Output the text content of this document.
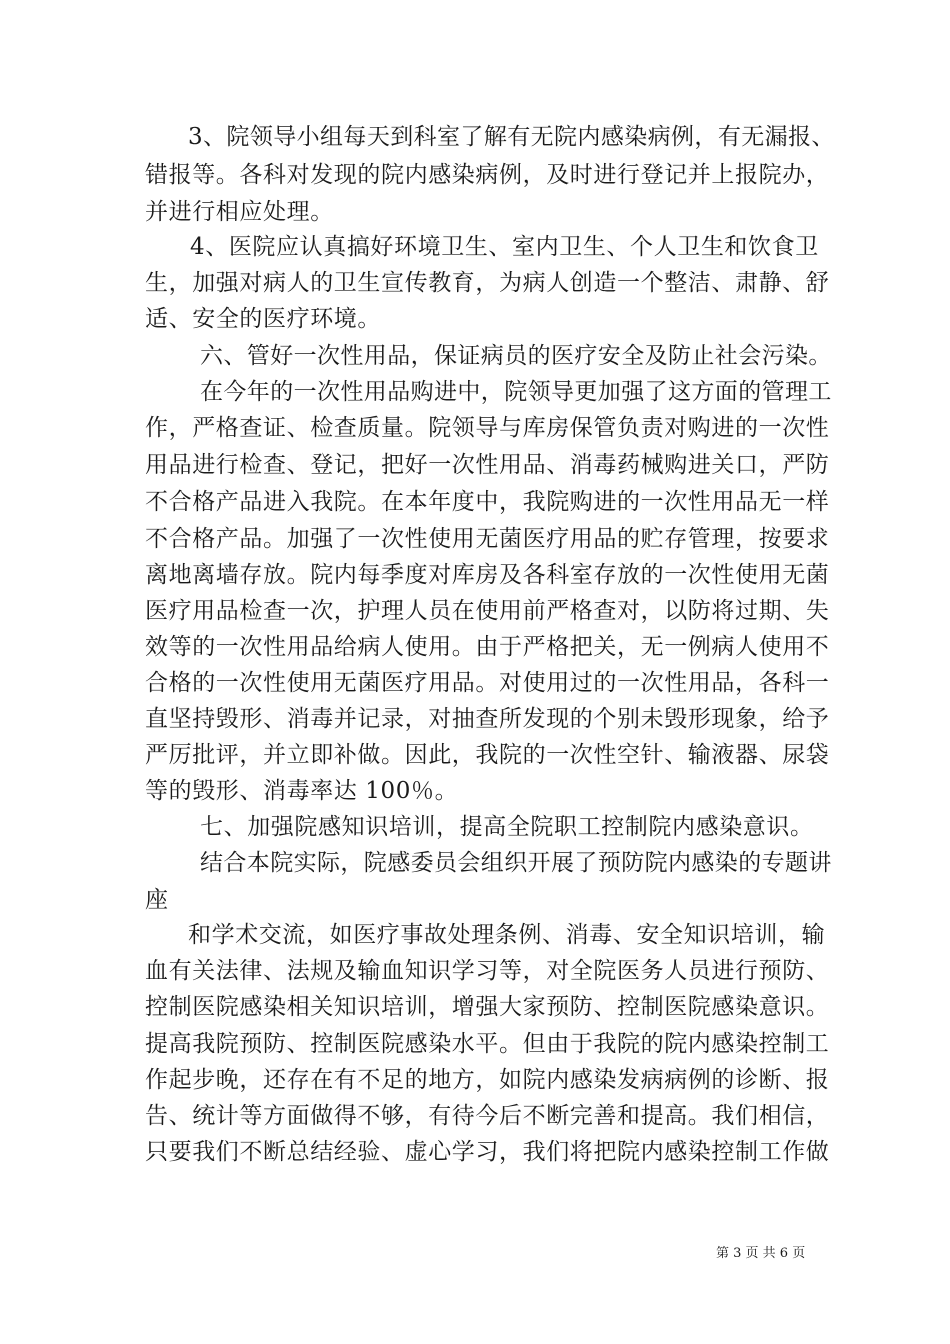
3、院领导小组每天到科室了解有无院内感染病例，有无漏报、
错报等。各科对发现的院内感染病例，及时进行登记并上报院办，
并进行相应处理。
4、医院应认真搞好环境卫生、室内卫生、个人卫生和饮食卫
生，加强对病人的卫生宣传教育，为病人创造一个整洁、肃静、舒
适、安全的医疗环境。
六、管好一次性用品，保证病员的医疗安全及防止社会污染。
在今年的一次性用品购进中，院领导更加强了这方面的管理工
作，严格查证、检查质量。院领导与库房保管负责对购进的一次性
用品进行检查、登记，把好一次性用品、消毒药械购进关口，严防
不合格产品进入我院。在本年度中，我院购进的一次性用品无一样
不合格产品。加强了一次性使用无菌医疗用品的贮存管理，按要求
离地离墙存放。院内每季度对库房及各科室存放的一次性使用无菌
医疗用品检查一次，护理人员在使用前严格查对，以防将过期、失
效等的一次性用品给病人使用。由于严格把关，无一例病人使用不
合格的一次性使用无菌医疗用品。对使用过的一次性用品，各科一
直坚持毁形、消毒并记录，对抽查所发现的个别未毁形现象，给予
严厉批评，并立即补做。因此，我院的一次性空针、输液器、尿袋
等的毁形、消毒率达 100％。
七、加强院感知识培训，提高全院职工控制院内感染意识。
结合本院实际，院感委员会组织开展了预防院内感染的专题讲
座
和学术交流，如医疗事故处理条例、消毒、安全知识培训，输
血有关法律、法规及输血知识学习等，对全院医务人员进行预防、
控制医院感染相关知识培训，增强大家预防、控制医院感染意识。
提高我院预防、控制医院感染水平。但由于我院的院内感染控制工
作起步晚，还存在有不足的地方，如院内感染发病病例的诊断、报
告、统计等方面做得不够，有待今后不断完善和提高。我们相信，
只要我们不断总结经验、虚心学习，我们将把院内感染控制工作做
第 3 页 共 6 页
